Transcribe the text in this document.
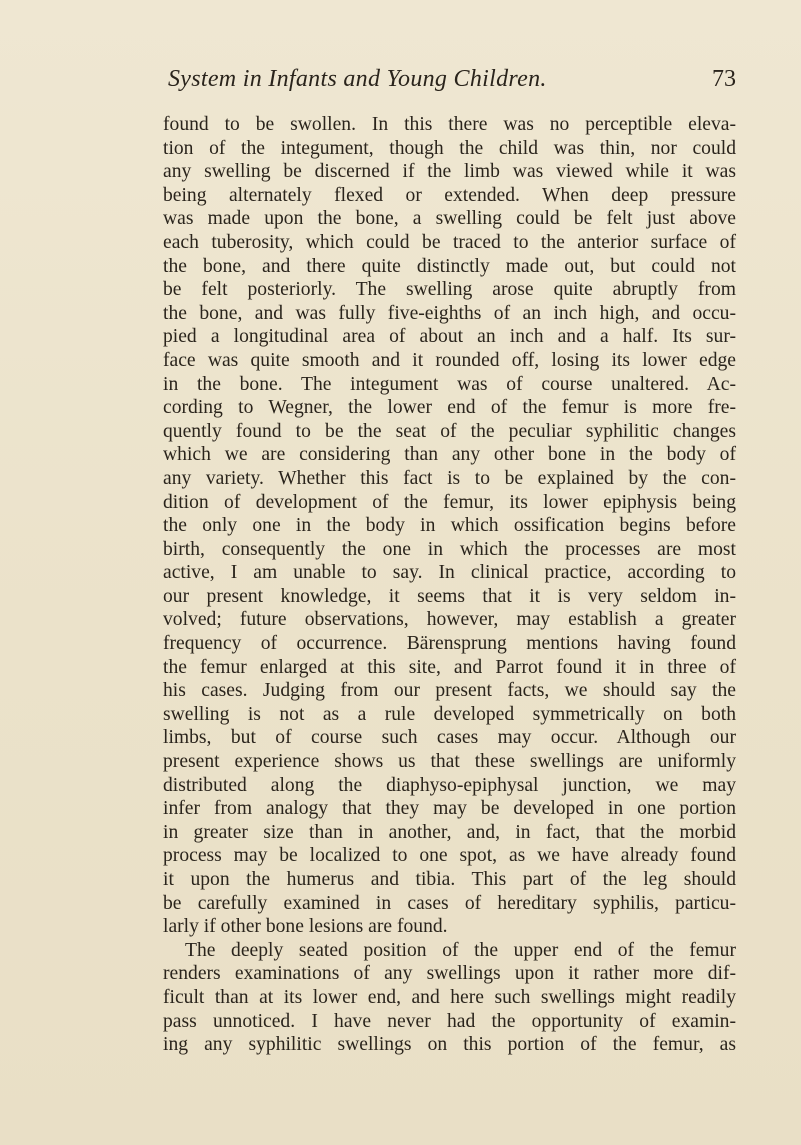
System in Infants and Young Children.	73
found to be swollen. In this there was no perceptible eleva-
tion of the integument, though the child was thin, nor could
any swelling be discerned if the limb was viewed while it was
being alternately flexed or extended. When deep pressure
was made upon the bone, a swelling could be felt just above
each tuberosity, which could be traced to the anterior surface of
the bone, and there quite distinctly made out, but could not
be felt posteriorly. The swelling arose quite abruptly from
the bone, and was fully five-eighths of an inch high, and occu-
pied a longitudinal area of about an inch and a half. Its sur-
face was quite smooth and it rounded off, losing its lower edge
in the bone. The integument was of course unaltered. Ac-
cording to Wegner, the lower end of the femur is more fre-
quently found to be the seat of the peculiar syphilitic changes
which we are considering than any other bone in the body of
any variety. Whether this fact is to be explained by the con-
dition of development of the femur, its lower epiphysis being
the only one in the body in which ossification begins before
birth, consequently the one in which the processes are most
active, I am unable to say. In clinical practice, according to
our present knowledge, it seems that it is very seldom in-
volved; future observations, however, may establish a greater
frequency of occurrence. Bärensprung mentions having found
the femur enlarged at this site, and Parrot found it in three of
his cases. Judging from our present facts, we should say the
swelling is not as a rule developed symmetrically on both
limbs, but of course such cases may occur. Although our
present experience shows us that these swellings are uniformly
distributed along the diaphyso-epiphysal junction, we may
infer from analogy that they may be developed in one portion
in greater size than in another, and, in fact, that the morbid
process may be localized to one spot, as we have already found
it upon the humerus and tibia. This part of the leg should
be carefully examined in cases of hereditary syphilis, particu-
larly if other bone lesions are found.
The deeply seated position of the upper end of the femur
renders examinations of any swellings upon it rather more dif-
ficult than at its lower end, and here such swellings might readily
pass unnoticed. I have never had the opportunity of examin-
ing any syphilitic swellings on this portion of the femur, as
